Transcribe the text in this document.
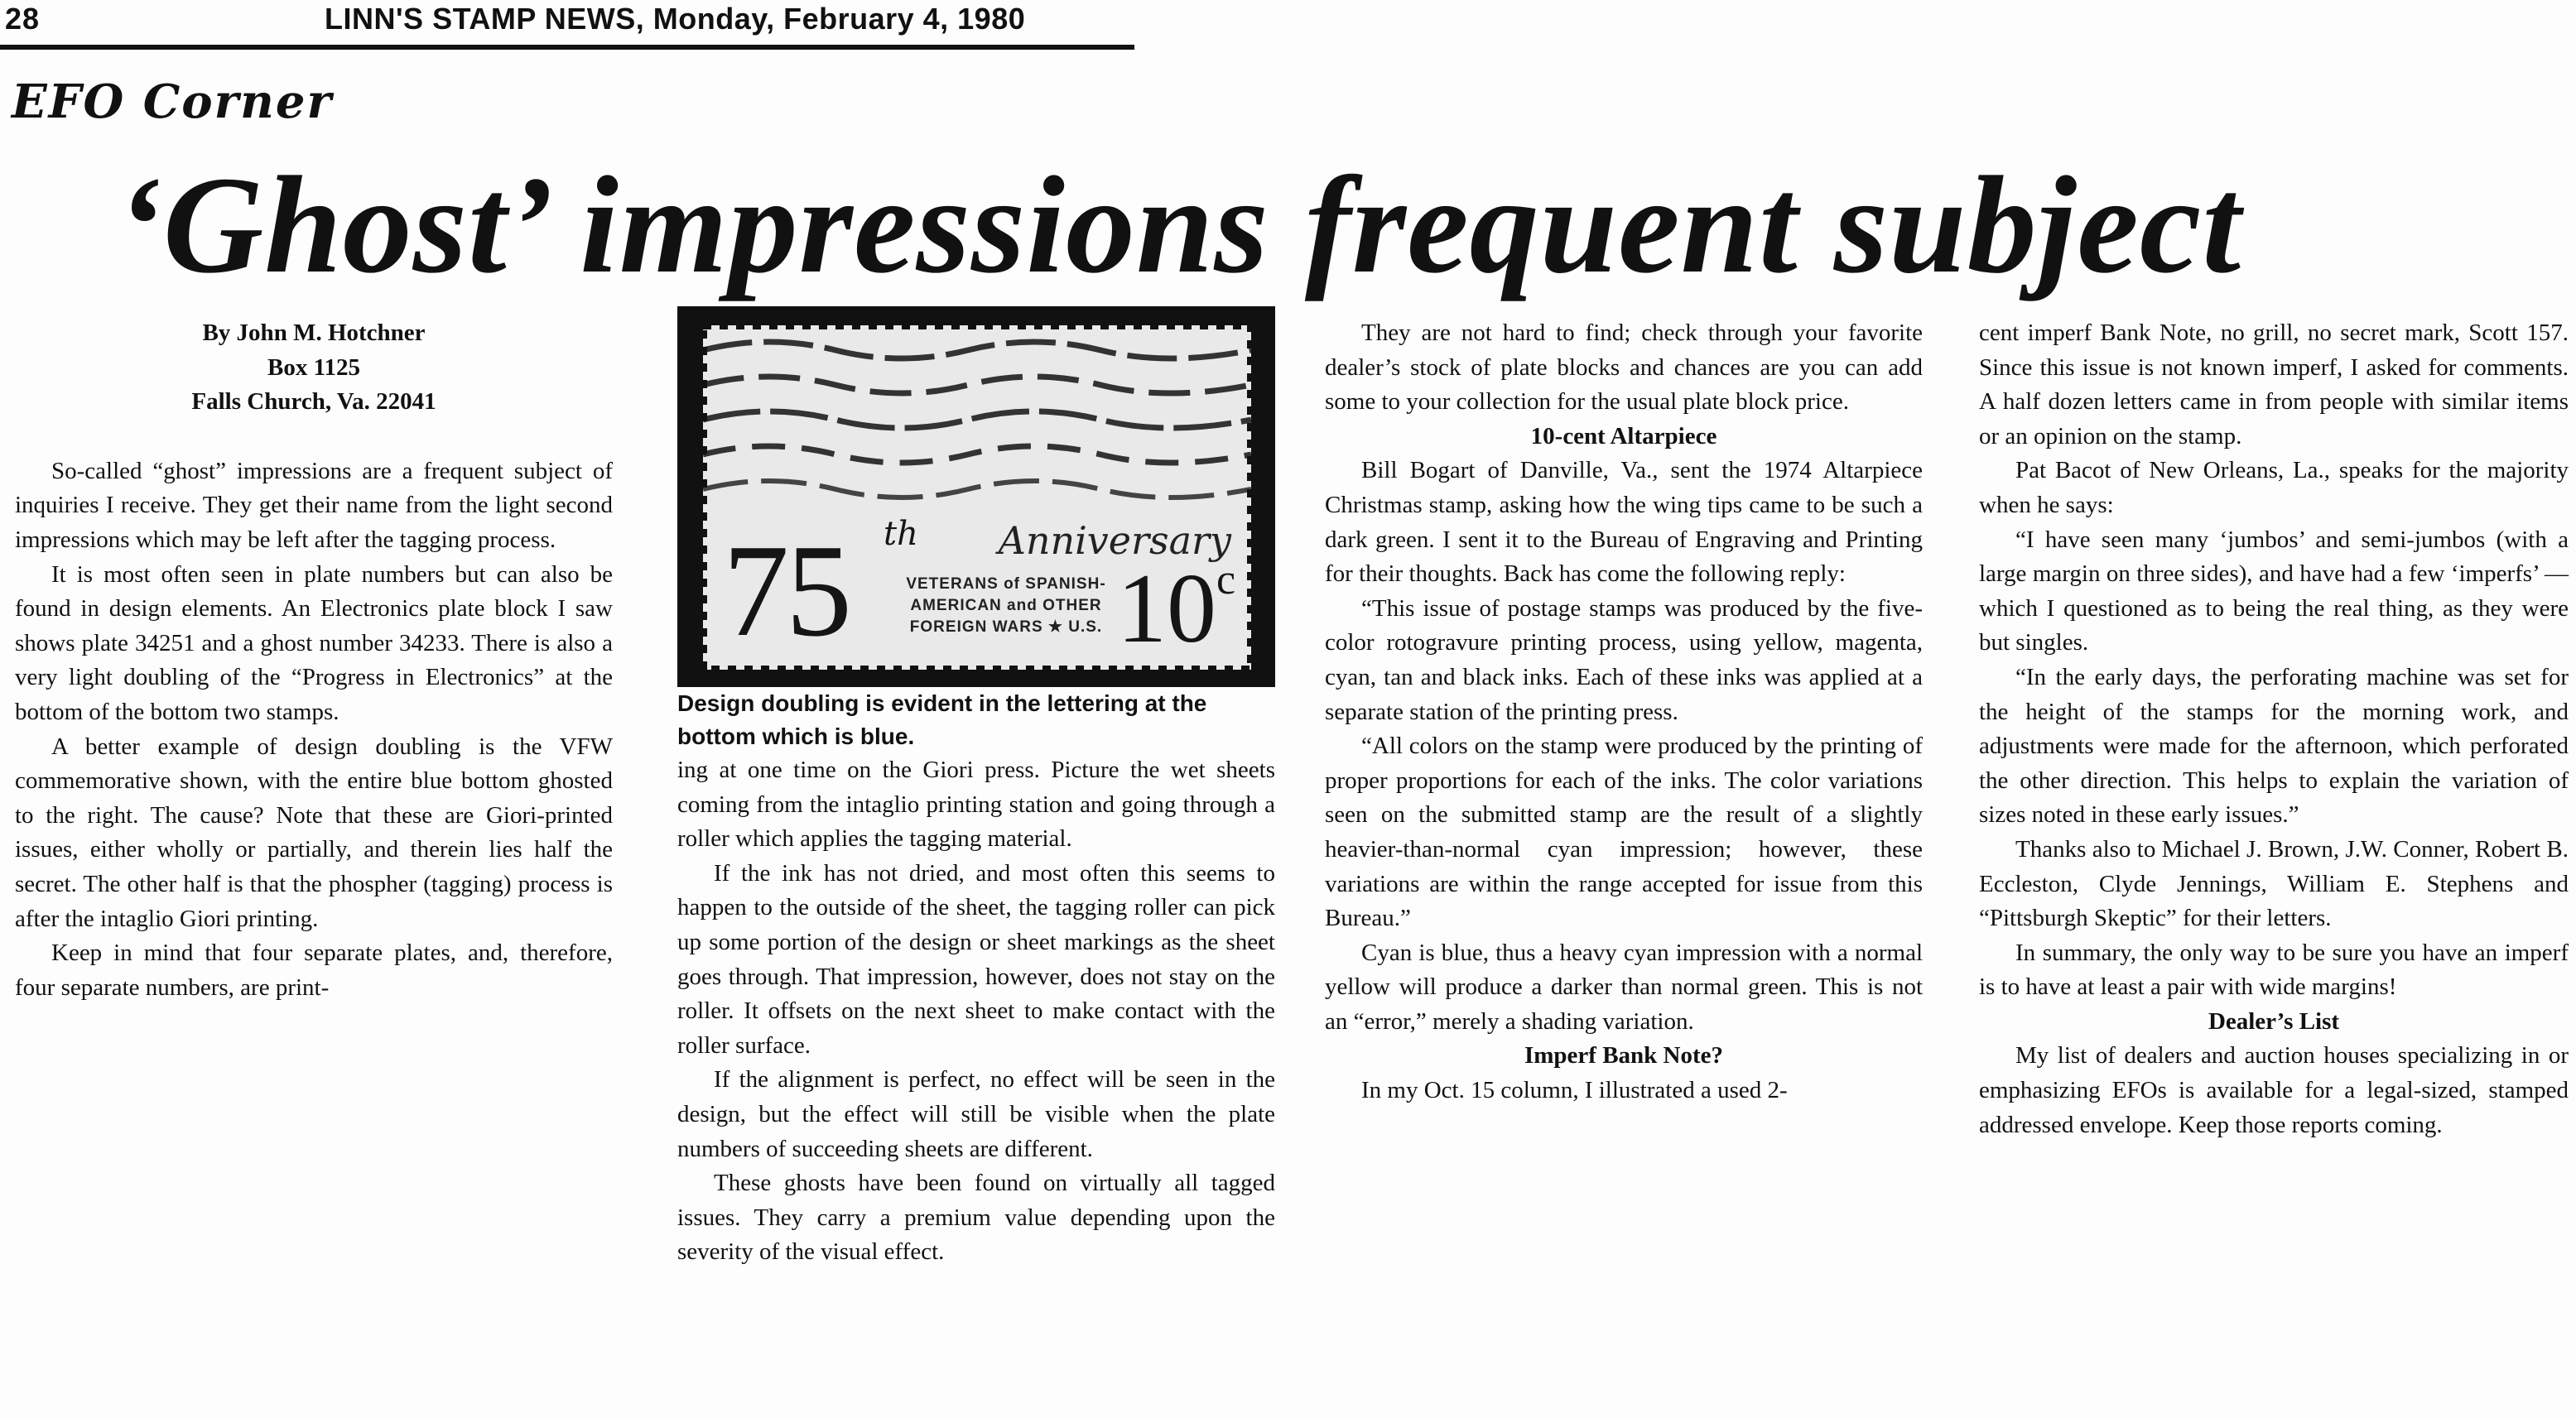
28	LINN'S STAMP NEWS, Monday, February 4, 1980
EFO Corner
‘Ghost’ impressions frequent subject
By John M. Hotchner
Box 1125
Falls Church, Va. 22041

So-called “ghost” impressions are a frequent subject of inquiries I receive. They get their name from the light second impressions which may be left after the tagging process.

It is most often seen in plate numbers but can also be found in design elements. An Electronics plate block I saw shows plate 34251 and a ghost number 34233. There is also a very light doubling of the “Progress in Electronics” at the bottom of the bottom two stamps.

A better example of design doubling is the VFW commemorative shown, with the entire blue bottom ghosted to the right. The cause? Note that these are Giori-printed issues, either wholly or partially, and therein lies half the secret. The other half is that the phospher (tagging) process is after the intaglio Giori printing.

Keep in mind that four separate plates, and, therefore, four separate numbers, are print-

75 th Anniversary
VETERANS of SPANISH-
AMERICAN and OTHER
FOREIGN WARS ★ U.S. 10$^c$

Design doubling is evident in the lettering at the bottom which is blue.

ing at one time on the Giori press. Picture the wet sheets coming from the intaglio printing station and going through a roller which applies the tagging material.

If the ink has not dried, and most often this seems to happen to the outside of the sheet, the tagging roller can pick up some portion of the design or sheet markings as the sheet goes through. That impression, however, does not stay on the roller. It offsets on the next sheet to make contact with the roller surface.

If the alignment is perfect, no effect will be seen in the design, but the effect will still be visible when the plate numbers of succeeding sheets are different.

These ghosts have been found on virtually all tagged issues. They carry a premium value depending upon the severity of the visual effect.

They are not hard to find; check through your favorite dealer’s stock of plate blocks and chances are you can add some to your collection for the usual plate block price.

10-cent Altarpiece

Bill Bogart of Danville, Va., sent the 1974 Altarpiece Christmas stamp, asking how the wing tips came to be such a dark green. I sent it to the Bureau of Engraving and Printing for their thoughts. Back has come the following reply:

“This issue of postage stamps was produced by the five-color rotogravure printing process, using yellow, magenta, cyan, tan and black inks. Each of these inks was applied at a separate station of the printing press.

“All colors on the stamp were produced by the printing of proper proportions for each of the inks. The color variations seen on the submitted stamp are the result of a slightly heavier-than-normal cyan impression; however, these variations are within the range accepted for issue from this Bureau.”

Cyan is blue, thus a heavy cyan impression with a normal yellow will produce a darker than normal green. This is not an “error,” merely a shading variation.

Imperf Bank Note?

In my Oct. 15 column, I illustrated a used 2-

cent imperf Bank Note, no grill, no secret mark, Scott 157. Since this issue is not known imperf, I asked for comments. A half dozen letters came in from people with similar items or an opinion on the stamp.

Pat Bacot of New Orleans, La., speaks for the majority when he says:

“I have seen many ‘jumbos’ and semi-jumbos (with a large margin on three sides), and have had a few ‘imperfs’ — which I questioned as to being the real thing, as they were but singles.

“In the early days, the perforating machine was set for the height of the stamps for the morning work, and adjustments were made for the afternoon, which perforated the other direction. This helps to explain the variation of sizes noted in these early issues.”

Thanks also to Michael J. Brown, J.W. Conner, Robert B. Eccleston, Clyde Jennings, William E. Stephens and “Pittsburgh Skeptic” for their letters.

In summary, the only way to be sure you have an imperf is to have at least a pair with wide margins!

Dealer’s List

My list of dealers and auction houses specializing in or emphasizing EFOs is available for a legal-sized, stamped addressed envelope. Keep those reports coming.
